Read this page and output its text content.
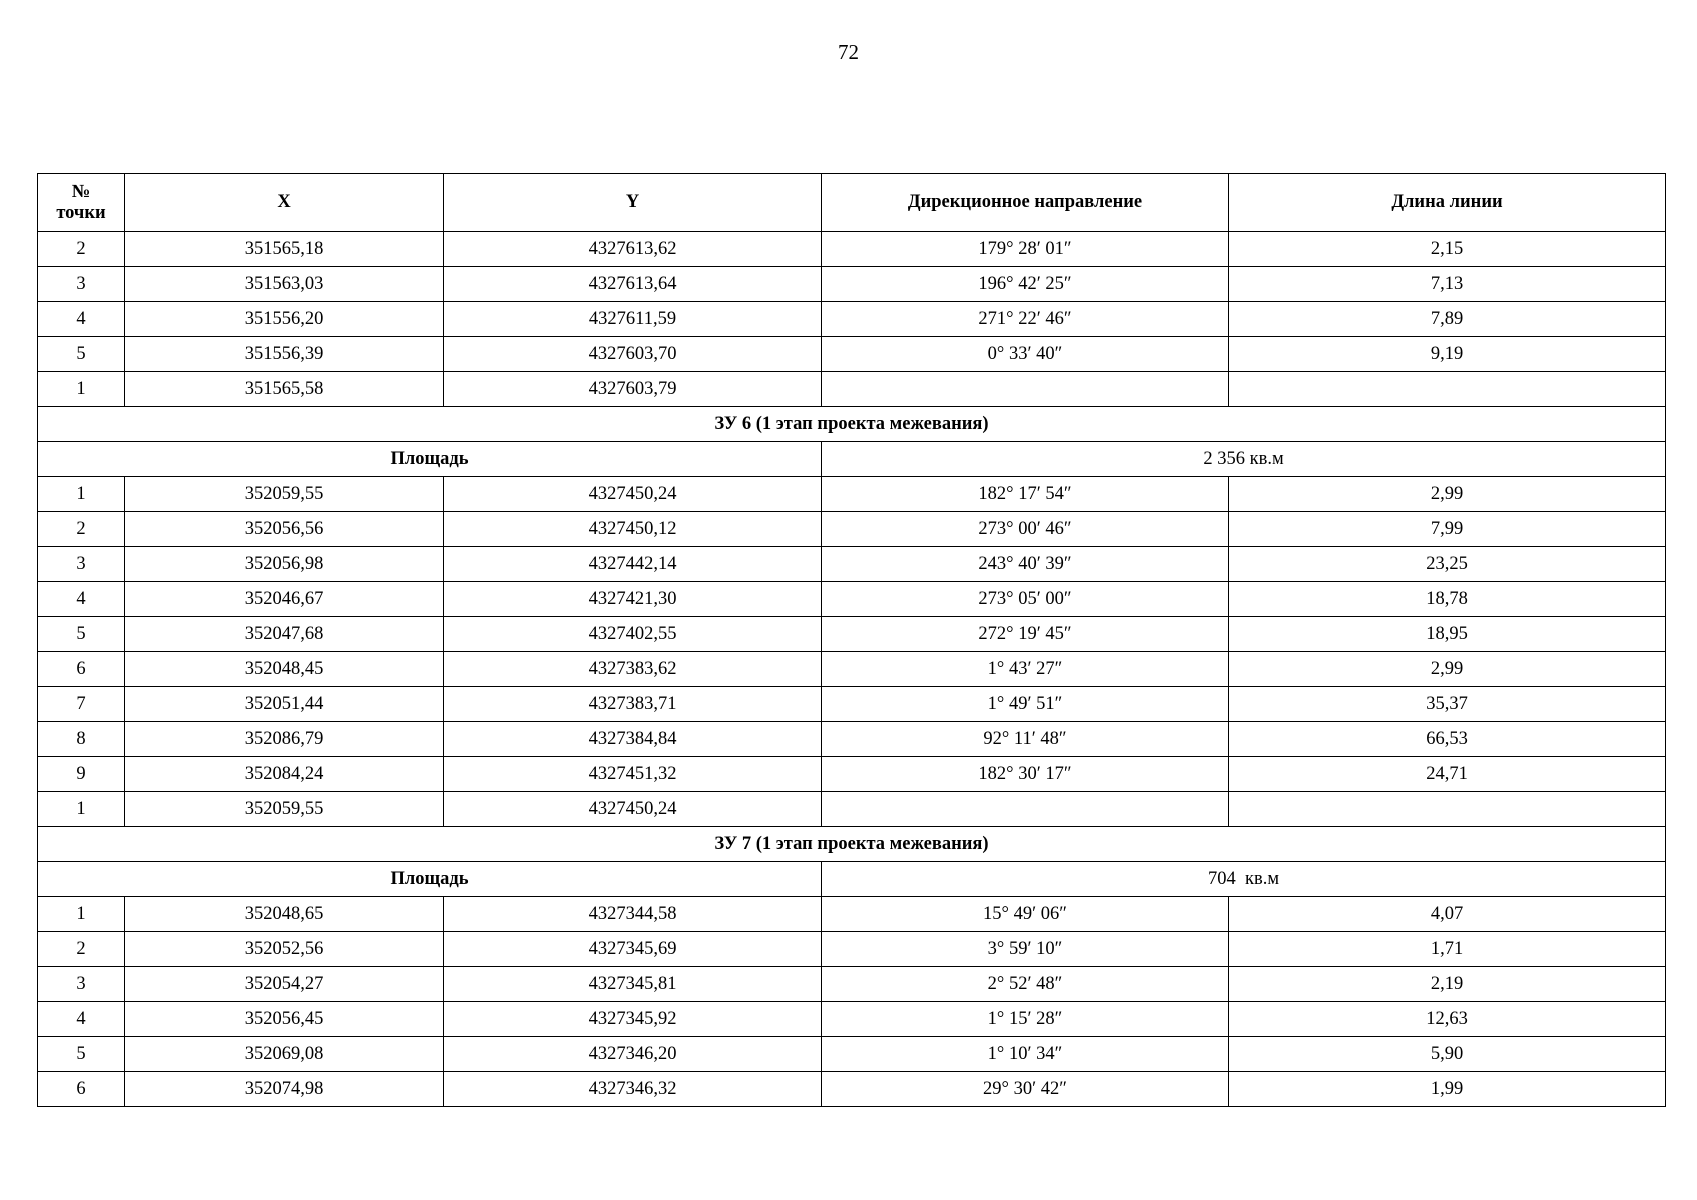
72
№
точки	X	Y	Дирекционное направление	Длина линии
2	351565,18	4327613,62	179° 28′ 01″	2,15
3	351563,03	4327613,64	196° 42′ 25″	7,13
4	351556,20	4327611,59	271° 22′ 46″	7,89
5	351556,39	4327603,70	0° 33′ 40″	9,19
1	351565,58	4327603,79		
ЗУ 6 (1 этап проекта межевания)				
Площадь			2 356 кв.м	
1	352059,55	4327450,24	182° 17′ 54″	2,99
2	352056,56	4327450,12	273° 00′ 46″	7,99
3	352056,98	4327442,14	243° 40′ 39″	23,25
4	352046,67	4327421,30	273° 05′ 00″	18,78
5	352047,68	4327402,55	272° 19′ 45″	18,95
6	352048,45	4327383,62	1° 43′ 27″	2,99
7	352051,44	4327383,71	1° 49′ 51″	35,37
8	352086,79	4327384,84	92° 11′ 48″	66,53
9	352084,24	4327451,32	182° 30′ 17″	24,71
1	352059,55	4327450,24		
ЗУ 7 (1 этап проекта межевания)				
Площадь			704  кв.м	
1	352048,65	4327344,58	15° 49′ 06″	4,07
2	352052,56	4327345,69	3° 59′ 10″	1,71
3	352054,27	4327345,81	2° 52′ 48″	2,19
4	352056,45	4327345,92	1° 15′ 28″	12,63
5	352069,08	4327346,20	1° 10′ 34″	5,90
6	352074,98	4327346,32	29° 30′ 42″	1,99
